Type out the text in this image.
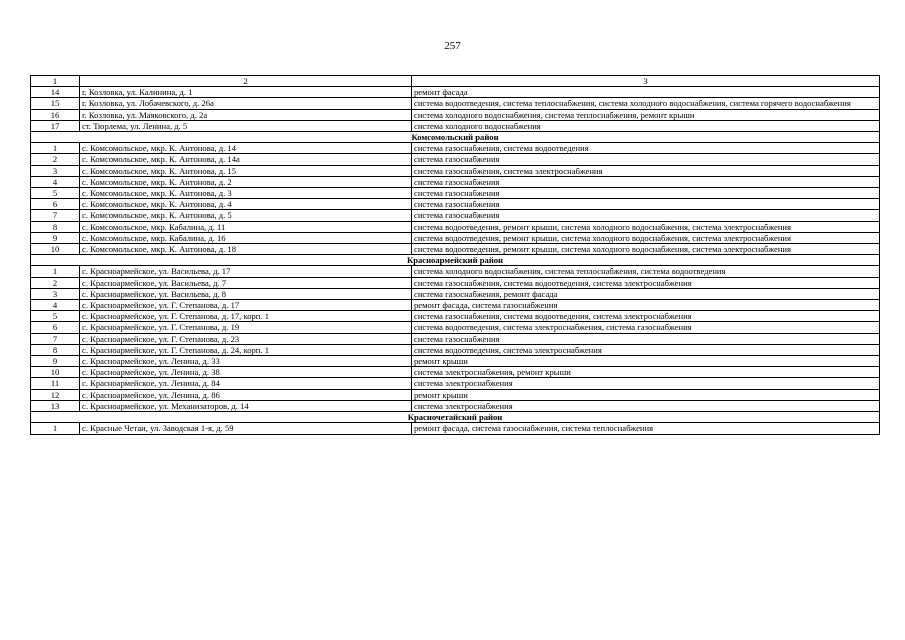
257
1	2	3
14	г. Козловка, ул. Калинина, д. 1	ремонт фасада
15	г. Козловка, ул. Лобачевского, д. 26а	система водоотведения, система теплоснабжения, система холодного водоснабжения, система горячего водоснабжения
16	г. Козловка, ул. Маяковского, д. 2а	система холодного водоснабжения, система теплоснабжения, ремонт крыши
17	ст. Тюрлема, ул. Ленина, д. 5	система холодного водоснабжения
Комсомольский район		
1	с. Комсомольское, мкр. К. Антонова, д. 14	система газоснабжения, система водоотведения
2	с. Комсомольское, мкр. К. Антонова, д. 14а	система газоснабжения
3	с. Комсомольское, мкр. К. Антонова, д. 15	система газоснабжения, система электроснабжения
4	с. Комсомольское, мкр. К. Антонова, д. 2	система газоснабжения
5	с. Комсомольское, мкр. К. Антонова, д. 3	система газоснабжения
6	с. Комсомольское, мкр. К. Антонова, д. 4	система газоснабжения
7	с. Комсомольское, мкр. К. Антонова, д. 5	система газоснабжения
8	с. Комсомольское, мкр. Кабалина, д. 11	система водоотведения, ремонт крыши, система холодного водоснабжения, система электроснабжения
9	с. Комсомольское, мкр. Кабалина, д. 16	система водоотведения, ремонт крыши, система холодного водоснабжения, система электроснабжения
10	с. Комсомольское, мкр. К. Антонова, д. 18	система водоотведения, ремонт крыши, система холодного водоснабжения, система электроснабжения
Красноармейский район		
1	с. Красноармейское, ул. Васильева, д. 17	система холодного водоснабжения, система теплоснабжения, система водоотведения
2	с. Красноармейское, ул. Васильева, д. 7	система газоснабжения, система водоотведения, система электроснабжения
3	с. Красноармейское, ул. Васильева, д. 8	система газоснабжения, ремонт фасада
4	с. Красноармейское, ул. Г. Степанова, д. 17	ремонт фасада, система газоснабжения
5	с. Красноармейское, ул. Г. Степанова, д. 17, корп. 1	система газоснабжения, система водоотведения, система электроснабжения
6	с. Красноармейское, ул. Г. Степанова, д. 19	система водоотведения, система электроснабжения, система газоснабжения
7	с. Красноармейское, ул. Г. Степанова, д. 23	система газоснабжения
8	с. Красноармейское, ул. Г. Степанова, д. 24, корп. 1	система водоотведения, система электроснабжения
9	с. Красноармейское, ул. Ленина, д. 33	ремонт крыши
10	с. Красноармейское, ул. Ленина, д. 38	система электроснабжения, ремонт крыши
11	с. Красноармейское, ул. Ленина, д. 84	система электроснабжения
12	с. Красноармейское, ул. Ленина, д. 86	ремонт крыши
13	с. Красноармейское, ул. Механизаторов, д. 14	система электроснабжения
Красночетайский район		
1	с. Красные Четаи, ул. Заводская 1-я, д. 59	ремонт фасада, система газоснабжения, система теплоснабжения
